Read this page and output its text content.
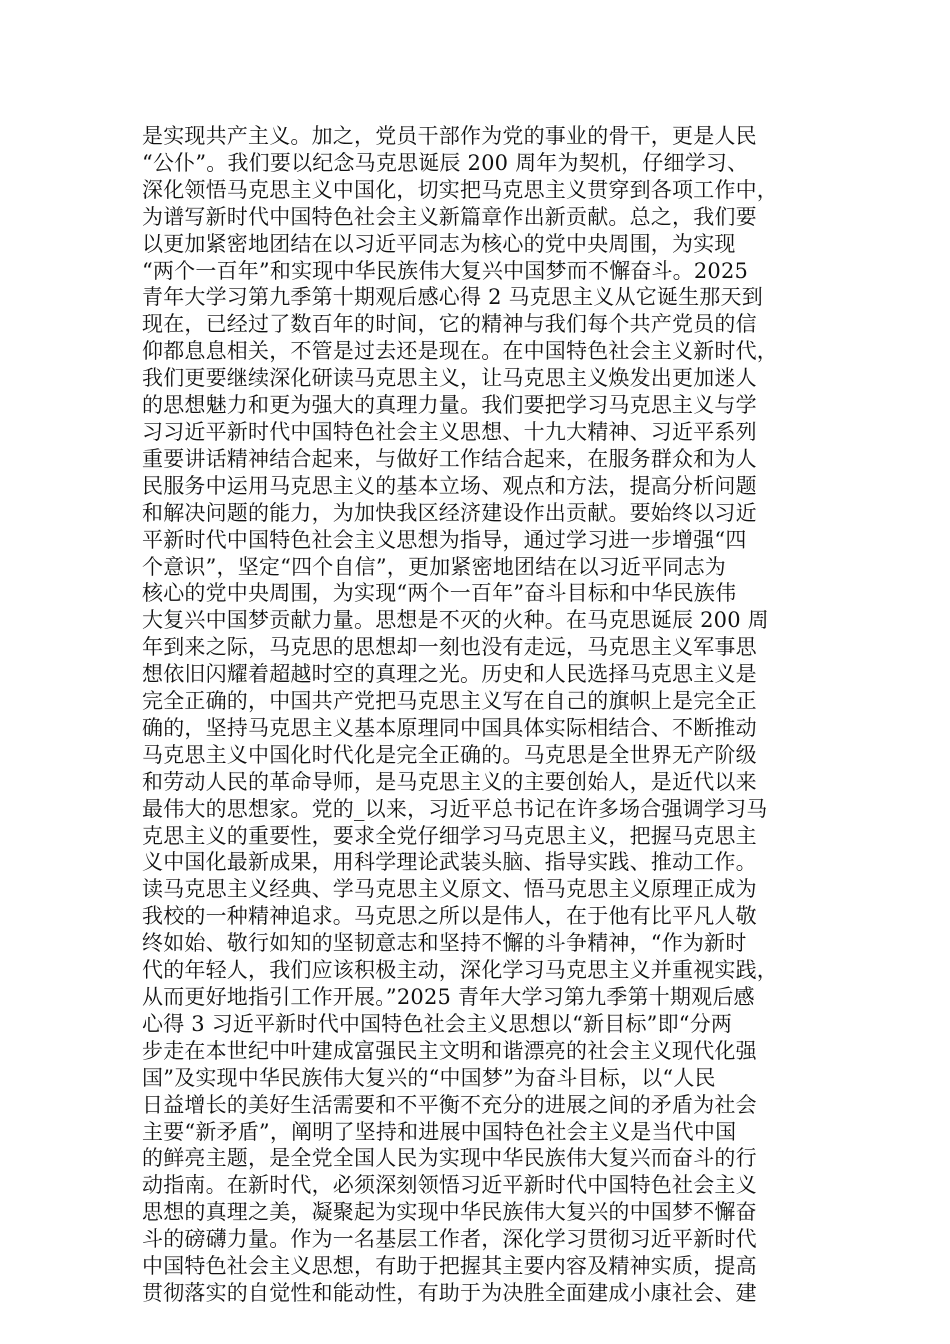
是实现共产主义。加之，党员干部作为党的事业的骨干，更是人民
“公仆”。我们要以纪念马克思诞辰 200 周年为契机，仔细学习、
深化领悟马克思主义中国化，切实把马克思主义贯穿到各项工作中，
为谱写新时代中国特色社会主义新篇章作出新贡献。总之，我们要
以更加紧密地团结在以习近平同志为核心的党中央周围，为实现
“两个一百年”和实现中华民族伟大复兴中国梦而不懈奋斗。2025
青年大学习第九季第十期观后感心得 2 马克思主义从它诞生那天到
现在，已经过了数百年的时间，它的精神与我们每个共产党员的信
仰都息息相关，不管是过去还是现在。在中国特色社会主义新时代，
我们更要继续深化研读马克思主义，让马克思主义焕发出更加迷人
的思想魅力和更为强大的真理力量。我们要把学习马克思主义与学
习习近平新时代中国特色社会主义思想、十九大精神、习近平系列
重要讲话精神结合起来，与做好工作结合起来，在服务群众和为人
民服务中运用马克思主义的基本立场、观点和方法，提高分析问题
和解决问题的能力，为加快我区经济建设作出贡献。要始终以习近
平新时代中国特色社会主义思想为指导，通过学习进一步增强“四
个意识”，坚定“四个自信”，更加紧密地团结在以习近平同志为
核心的党中央周围，为实现“两个一百年”奋斗目标和中华民族伟
大复兴中国梦贡献力量。思想是不灭的火种。在马克思诞辰 200 周
年到来之际，马克思的思想却一刻也没有走远，马克思主义军事思
想依旧闪耀着超越时空的真理之光。历史和人民选择马克思主义是
完全正确的，中国共产党把马克思主义写在自己的旗帜上是完全正
确的，坚持马克思主义基本原理同中国具体实际相结合、不断推动
马克思主义中国化时代化是完全正确的。马克思是全世界无产阶级
和劳动人民的革命导师，是马克思主义的主要创始人，是近代以来
最伟大的思想家。党的_以来，习近平总书记在许多场合强调学习马
克思主义的重要性，要求全党仔细学习马克思主义，把握马克思主
义中国化最新成果，用科学理论武装头脑、指导实践、推动工作。
读马克思主义经典、学马克思主义原文、悟马克思主义原理正成为
我校的一种精神追求。马克思之所以是伟人，在于他有比平凡人敬
终如始、敬行如知的坚韧意志和坚持不懈的斗争精神，“作为新时
代的年轻人，我们应该积极主动，深化学习马克思主义并重视实践，
从而更好地指引工作开展。”2025 青年大学习第九季第十期观后感
心得 3 习近平新时代中国特色社会主义思想以“新目标”即“分两
步走在本世纪中叶建成富强民主文明和谐漂亮的社会主义现代化强
国”及实现中华民族伟大复兴的“中国梦”为奋斗目标，以“人民
日益增长的美好生活需要和不平衡不充分的进展之间的矛盾为社会
主要“新矛盾”，阐明了坚持和进展中国特色社会主义是当代中国
的鲜亮主题，是全党全国人民为实现中华民族伟大复兴而奋斗的行
动指南。在新时代，必须深刻领悟习近平新时代中国特色社会主义
思想的真理之美，凝聚起为实现中华民族伟大复兴的中国梦不懈奋
斗的磅礴力量。作为一名基层工作者，深化学习贯彻习近平新时代
中国特色社会主义思想，有助于把握其主要内容及精神实质，提高
贯彻落实的自觉性和能动性，有助于为决胜全面建成小康社会、建
